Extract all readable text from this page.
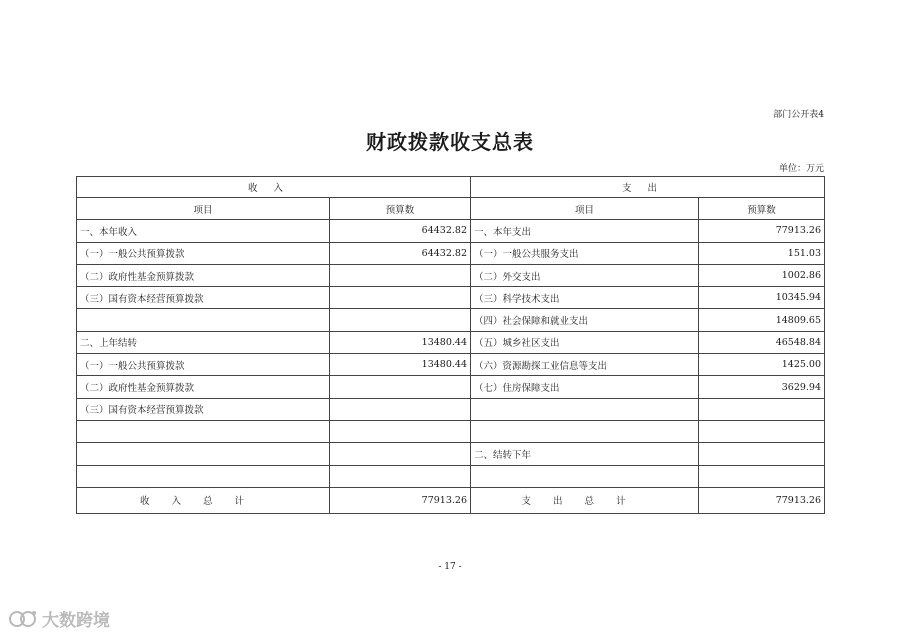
部门公开表4
财政拨款收支总表
单位：万元
收入		支出	
项目	预算数	项目	预算数
一、本年收入	64432.82	一、本年支出	77913.26
（一）一般公共预算拨款	64432.82	（一）一般公共服务支出	151.03
（二）政府性基金预算拨款		（二）外交支出	1002.86
（三）国有资本经营预算拨款		（三）科学技术支出	10345.94
		（四）社会保障和就业支出	14809.65
二、上年结转	13480.44	（五）城乡社区支出	46548.84
（一）一般公共预算拨款	13480.44	（六）资源勘探工业信息等支出	1425.00
（二）政府性基金预算拨款		（七）住房保障支出	3629.94
（三）国有资本经营预算拨款			

		二、结转下年	

收入总计	77913.26	支出总计	77913.26
- 17 -
大数跨境
